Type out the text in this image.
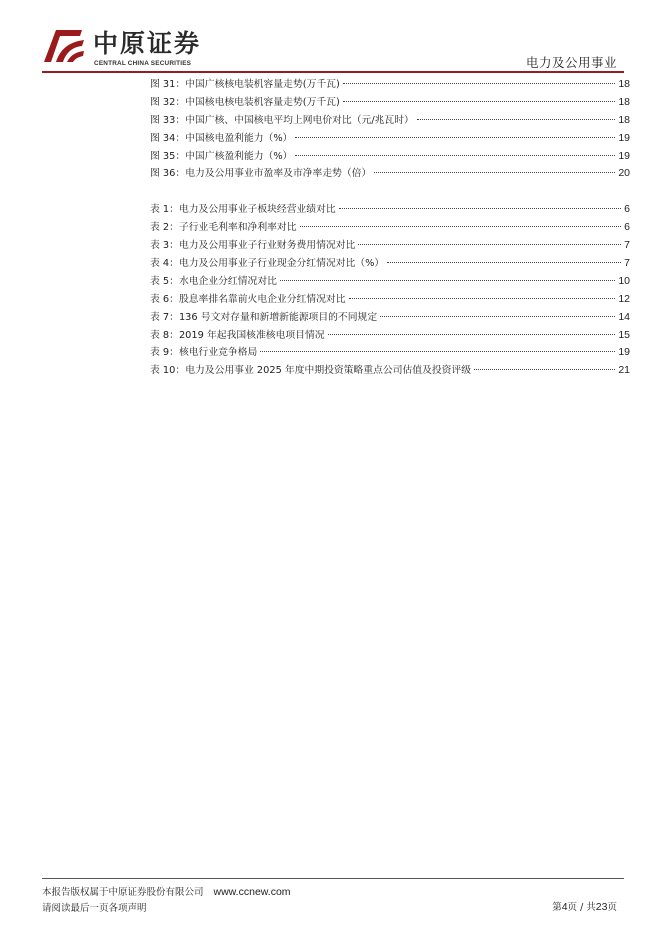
中原证券
CENTRAL CHINA SECURITIES	电力及公用事业
图 31： 中国广核核电装机容量走势(万千瓦)	18
图 32： 中国核电核电装机容量走势(万千瓦)	18
图 33： 中国广核、中国核电平均上网电价对比（元/兆瓦时）	18
图 34： 中国核电盈利能力（%）	19
图 35： 中国广核盈利能力（%）	19
图 36： 电力及公用事业市盈率及市净率走势（倍）	20
表 1： 电力及公用事业子板块经营业绩对比	6
表 2： 子行业毛利率和净利率对比	6
表 3： 电力及公用事业子行业财务费用情况对比	7
表 4： 电力及公用事业子行业现金分红情况对比（%）	7
表 5： 水电企业分红情况对比	10
表 6： 股息率排名靠前火电企业分红情况对比	12
表 7： 136 号文对存量和新增新能源项目的不同规定	14
表 8： 2019 年起我国核准核电项目情况	15
表 9： 核电行业竞争格局	19
表 10： 电力及公用事业 2025 年度中期投资策略重点公司估值及投资评级	21
本报告版权属于中原证券股份有限公司 www.ccnew.com
请阅读最后一页各项声明	第4页 / 共23页
